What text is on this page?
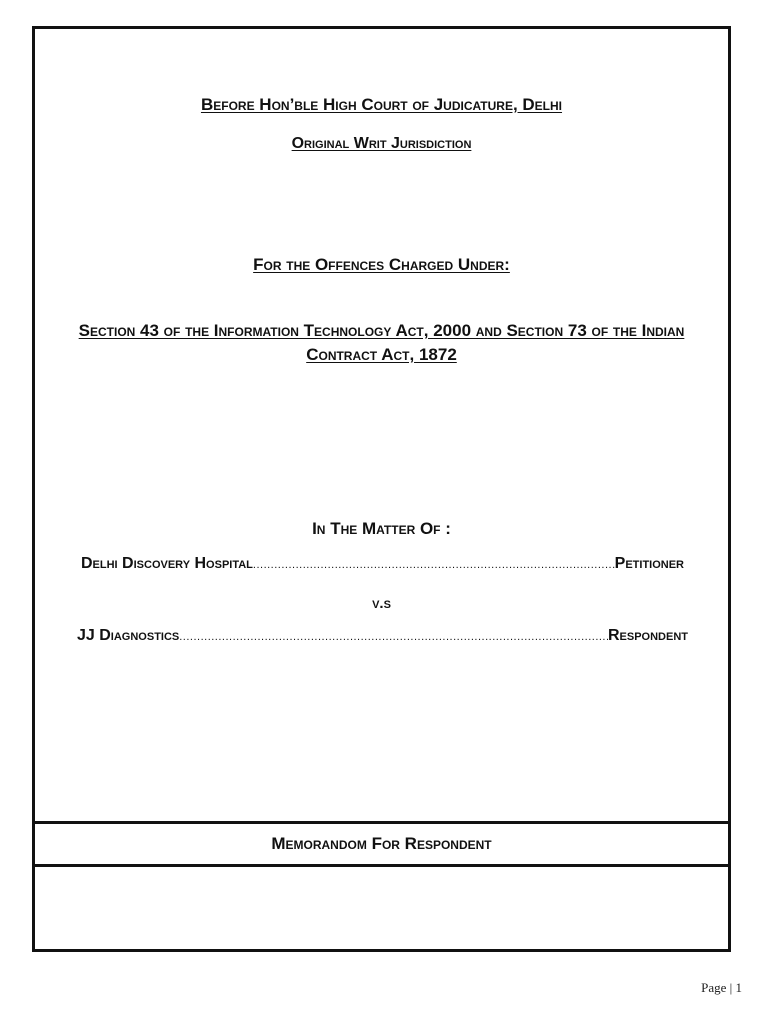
Before Hon’ble High Court of Judicature, Delhi
Original Writ Jurisdiction
For the Offences Charged Under:
Section 43 of the Information Technology Act, 2000 and Section 73 of the Indian Contract Act, 1872
In The Matter Of :
Delhi Discovery Hospital .....	Petitioner
v.s
JJ Diagnostics .....	Respondent
Memorandom For Respondent
Page | 1
